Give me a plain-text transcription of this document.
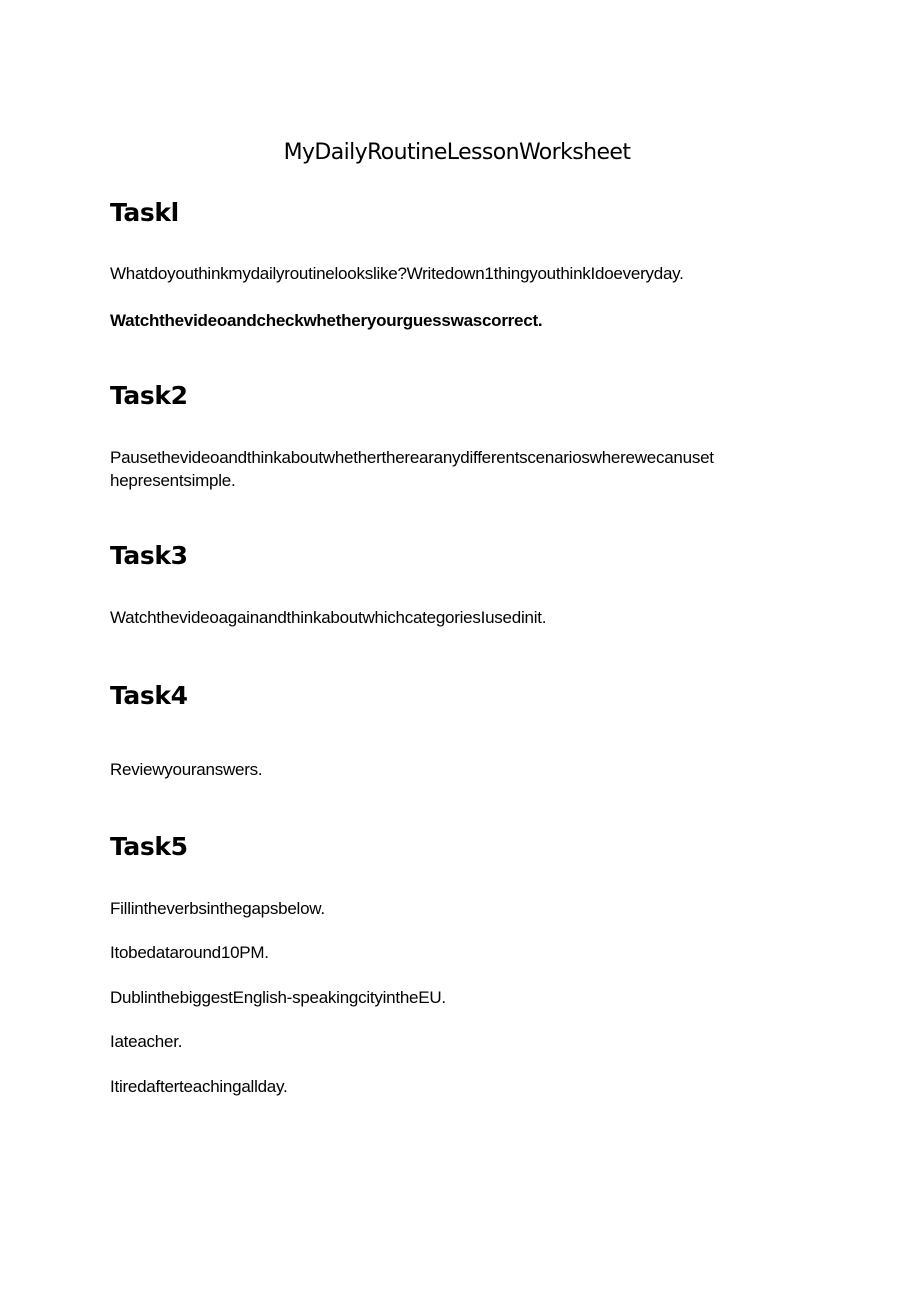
MyDailyRoutineLessonWorksheet
Taskl
Whatdoyouthinkmydailyroutinelookslike?Writedown1thingyouthinkIdoeveryday.
Watchthevideoandcheckwhetheryourguesswascorrect.
Task2
Pausethevideoandthinkaboutwhethertherearanydifferentscenarioswherewecanuset
hepresentsimple.
Task3
WatchthevideoagainandthinkaboutwhichcategoriesIusedinit.
Task4
Reviewyouranswers.
Task5
Fillintheverbsinthegapsbelow.
Itobedataround10PM.
DublinthebiggestEnglish-speakingcityintheEU.
Iateacher.
Itiredafterteachingallday.
